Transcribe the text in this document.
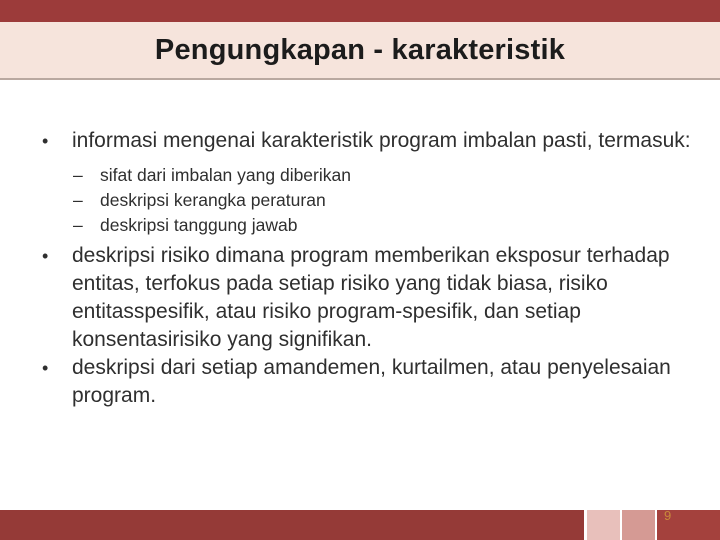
Pengungkapan - karakteristik
• informasi mengenai karakteristik program imbalan pasti, termasuk:
– sifat dari imbalan yang diberikan
– deskripsi kerangka peraturan
– deskripsi tanggung jawab
• deskripsi risiko dimana program memberikan eksposur terhadap entitas, terfokus pada setiap risiko yang tidak biasa, risiko entitasspesifik, atau risiko program-spesifik, dan setiap konsentasirisiko yang signifikan.
• deskripsi dari setiap amandemen, kurtailmen, atau penyelesaian program.
9
